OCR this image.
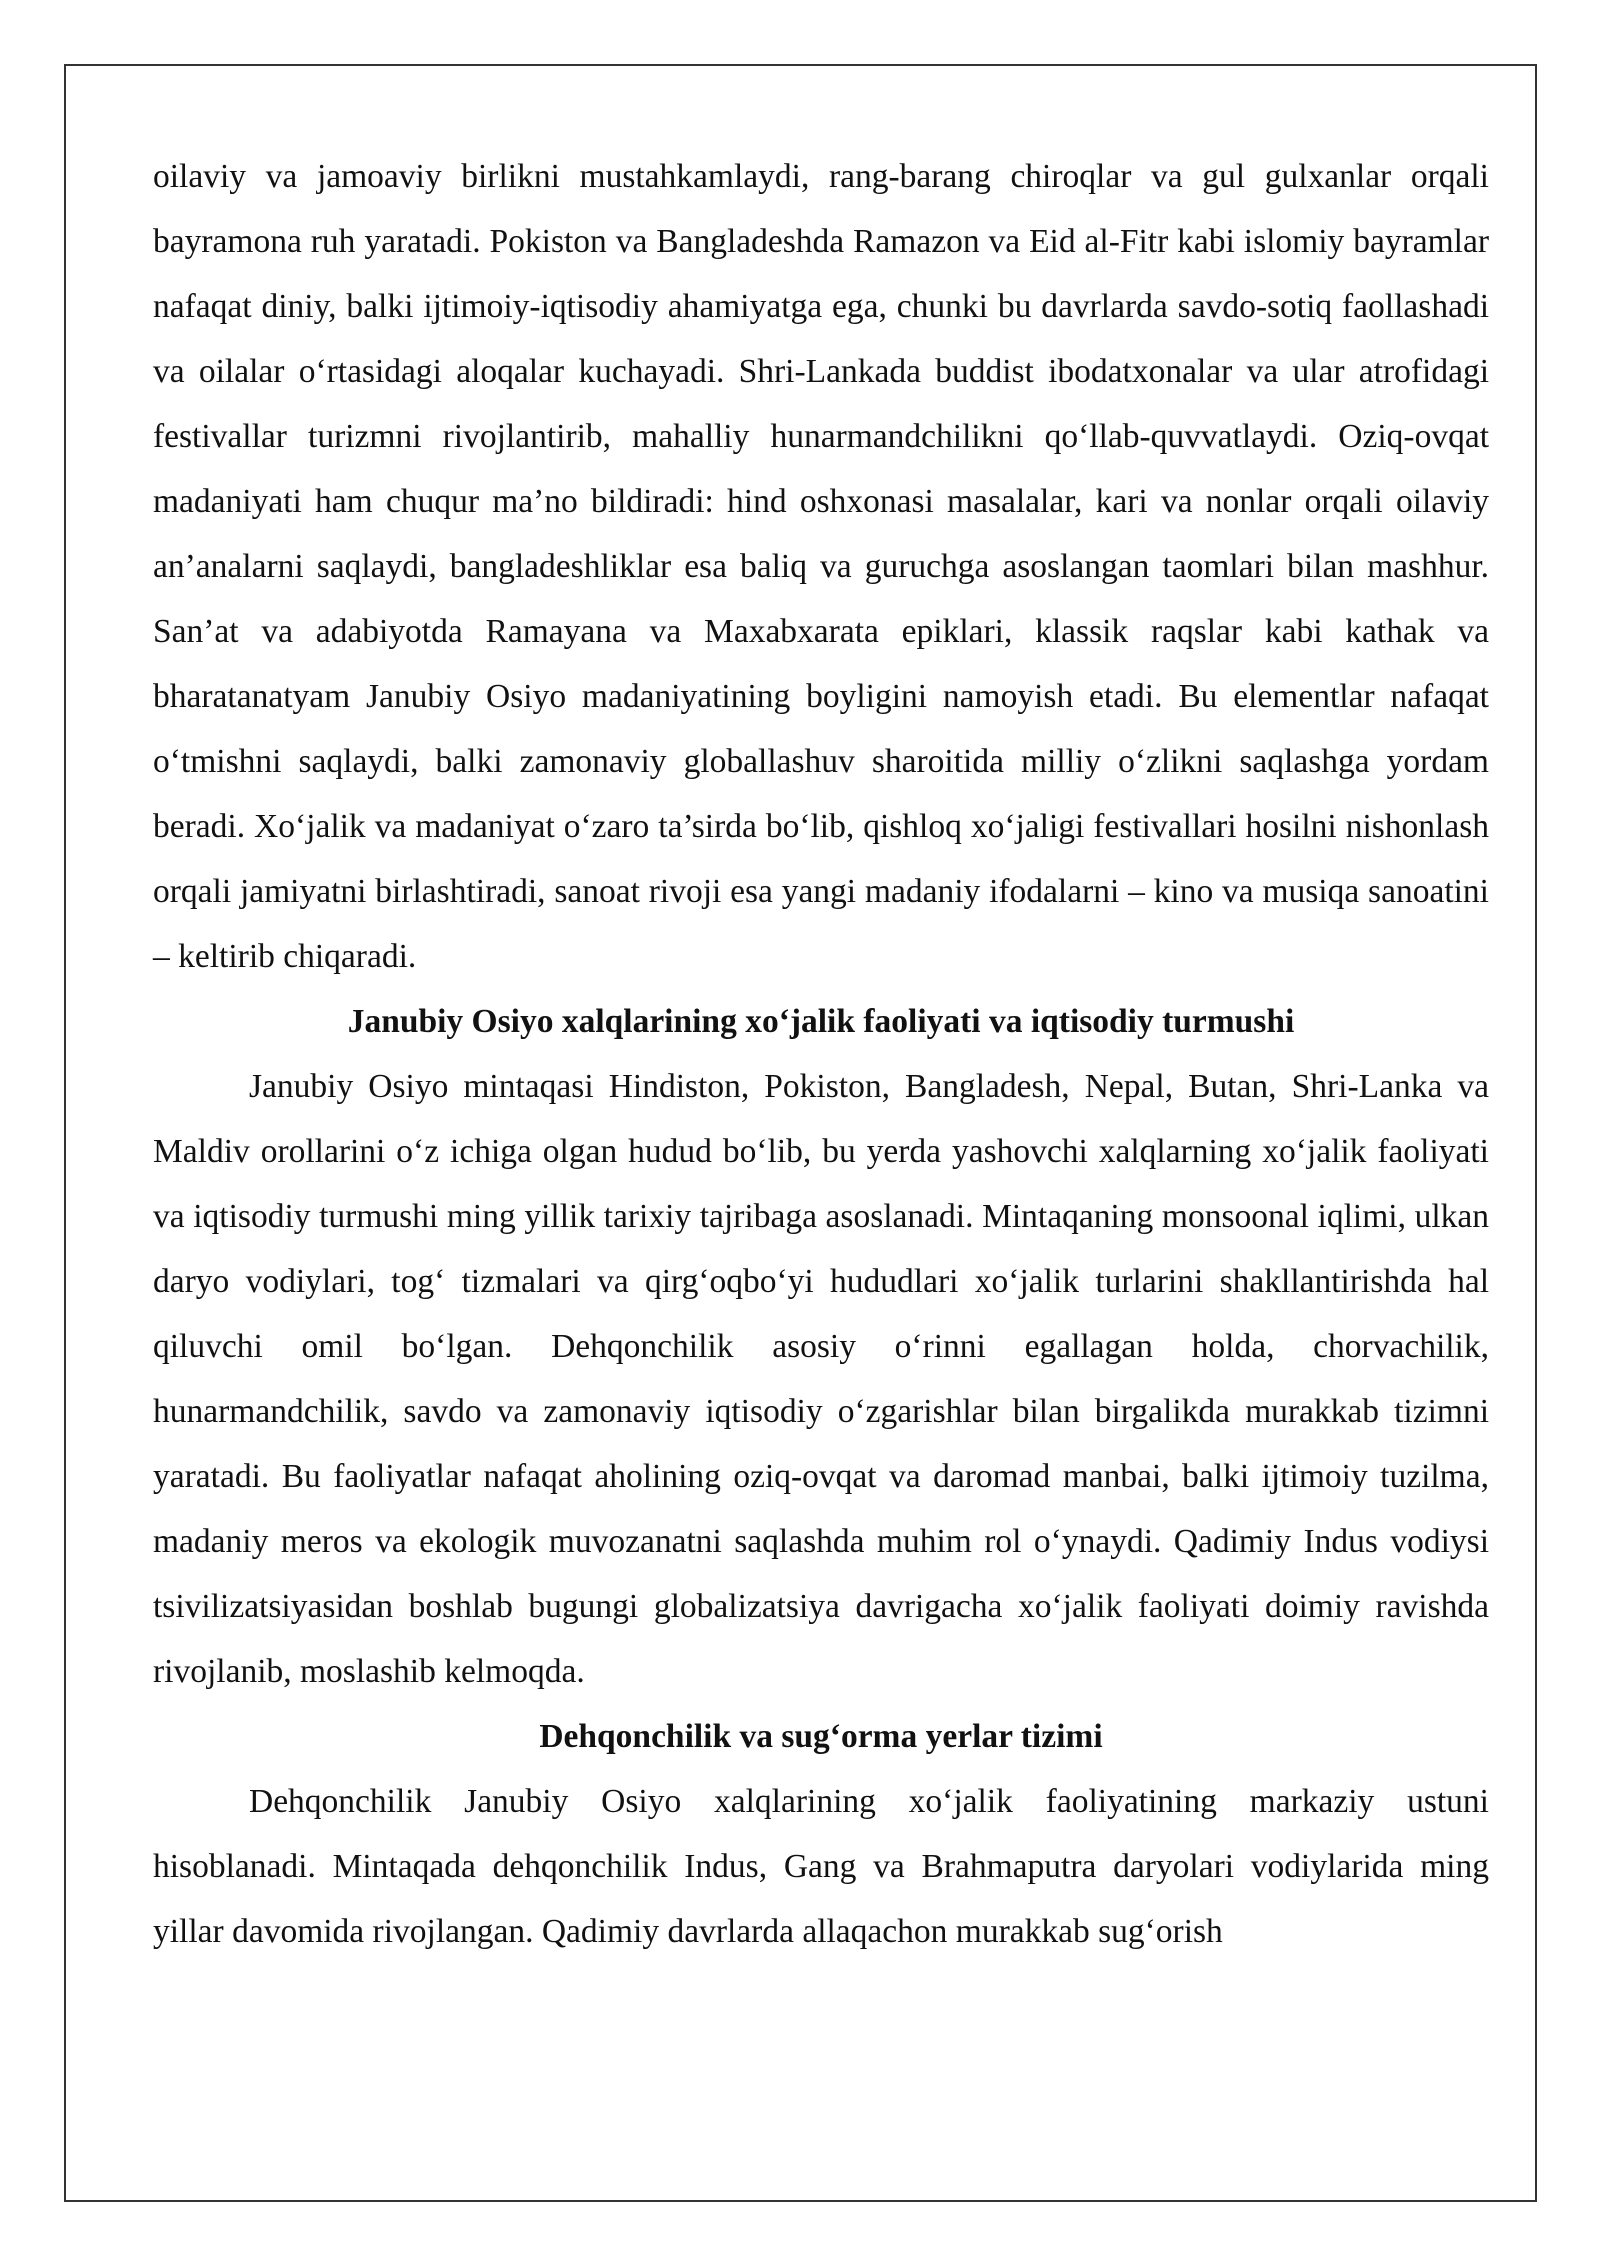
oilaviy va jamoaviy birlikni mustahkamlaydi, rang-barang chiroqlar va gul gulxanlar orqali bayramona ruh yaratadi. Pokiston va Bangladeshda Ramazon va Eid al-Fitr kabi islomiy bayramlar nafaqat diniy, balki ijtimoiy-iqtisodiy ahamiyatga ega, chunki bu davrlarda savdo-sotiq faollashadi va oilalar o‘rtasidagi aloqalar kuchayadi. Shri-Lankada buddist ibodatxonalar va ular atrofidagi festivallar turizmni rivojlantirib, mahalliy hunarmandchilikni qo‘llab-quvvatlaydi. Oziq-ovqat madaniyati ham chuqur ma’no bildiradi: hind oshxonasi masalalar, kari va nonlar orqali oilaviy an’analarni saqlaydi, bangladeshliklar esa baliq va guruchga asoslangan taomlari bilan mashhur. San’at va adabiyotda Ramayana va Maxabxarata epiklari, klassik raqslar kabi kathak va bharatanatyam Janubiy Osiyo madaniyatining boyligini namoyish etadi. Bu elementlar nafaqat o‘tmishni saqlaydi, balki zamonaviy globallashuv sharoitida milliy o‘zlikni saqlashga yordam beradi. Xo‘jalik va madaniyat o‘zaro ta’sirda bo‘lib, qishloq xo‘jaligi festivallari hosilni nishonlash orqali jamiyatni birlashtiradi, sanoat rivoji esa yangi madaniy ifodalarni – kino va musiqa sanoatini – keltirib chiqaradi.

Janubiy Osiyo xalqlarining xo‘jalik faoliyati va iqtisodiy turmushi

Janubiy Osiyo mintaqasi Hindiston, Pokiston, Bangladesh, Nepal, Butan, Shri-Lanka va Maldiv orollarini o‘z ichiga olgan hudud bo‘lib, bu yerda yashovchi xalqlarning xo‘jalik faoliyati va iqtisodiy turmushi ming yillik tarixiy tajribaga asoslanadi. Mintaqaning monsoonal iqlimi, ulkan daryo vodiylari, tog‘ tizmalari va qirg‘oqbo‘yi hududlari xo‘jalik turlarini shakllantirishda hal qiluvchi omil bo‘lgan. Dehqonchilik asosiy o‘rinni egallagan holda, chorvachilik, hunarmandchilik, savdo va zamonaviy iqtisodiy o‘zgarishlar bilan birgalikda murakkab tizimni yaratadi. Bu faoliyatlar nafaqat aholining oziq-ovqat va daromad manbai, balki ijtimoiy tuzilma, madaniy meros va ekologik muvozanatni saqlashda muhim rol o‘ynaydi. Qadimiy Indus vodiysi tsivilizatsiyasidan boshlab bugungi globalizatsiya davrigacha xo‘jalik faoliyati doimiy ravishda rivojlanib, moslashib kelmoqda.

Dehqonchilik va sug‘orma yerlar tizimi

Dehqonchilik Janubiy Osiyo xalqlarining xo‘jalik faoliyatining markaziy ustuni hisoblanadi. Mintaqada dehqonchilik Indus, Gang va Brahmaputra daryolari vodiylarida ming yillar davomida rivojlangan. Qadimiy davrlarda allaqachon murakkab sug‘orish
